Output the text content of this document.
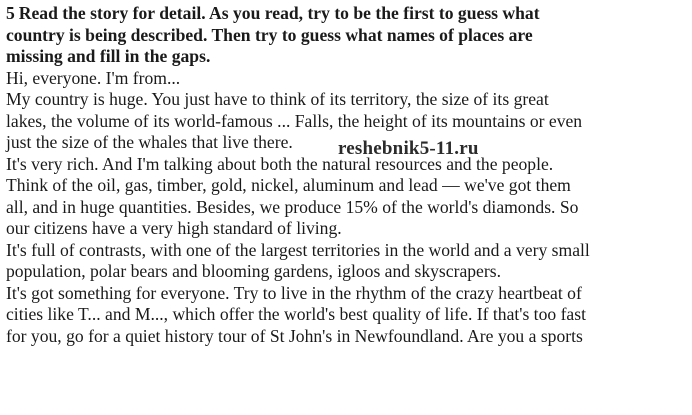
5 Read the story for detail. As you read, try to be the first to guess what
country is being described. Then try to guess what names of places are
missing and fill in the gaps.
Hi, everyone. I'm from...
My country is huge. You just have to think of its territory, the size of its great
lakes, the volume of its world-famous ... Falls, the height of its mountains or even
just the size of the whales that live there.
It's very rich. And I'm talking about both the natural resources and the people.
Think of the oil, gas, timber, gold, nickel, aluminum and lead — we've got them
all, and in huge quantities. Besides, we produce 15% of the world's diamonds. So
our citizens have a very high standard of living.
It's full of contrasts, with one of the largest territories in the world and a very small
population, polar bears and blooming gardens, igloos and skyscrapers.
It's got something for everyone. Try to live in the rhythm of the crazy heartbeat of
cities like T... and M..., which offer the world's best quality of life. If that's too fast
for you, go for a quiet history tour of St John's in Newfoundland. Are you a sports
reshebnik5-11.ru
